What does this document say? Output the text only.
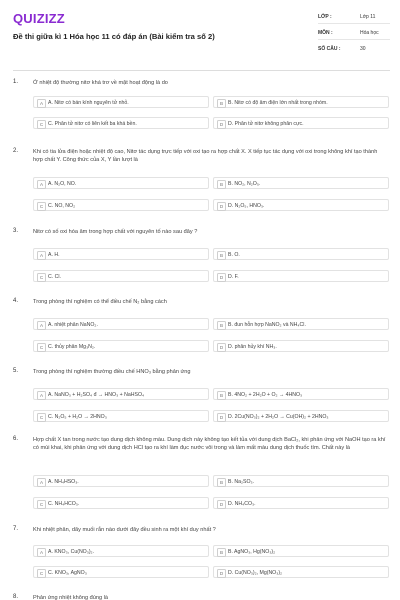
QUIZIZZ
Đề thi giữa kì 1 Hóa học 11 có đáp án (Bài kiểm tra số 2)
LỚP :	Lớp 11
MÔN :	Hóa học
SỐ CÂU :	30
1.	Ở nhiệt độ thường nitơ khá trơ về mặt hoạt động là do
A A. Nitơ có bán kính nguyên tử nhỏ.	B B. Nitơ có độ âm điện lớn nhất trong nhóm.
C C. Phân tử nitơ có liên kết ba khá bền.	D D. Phân tử nitơ không phân cực.
2.	Khi có tia lửa điện hoặc nhiệt độ cao, Nitơ tác dụng trực tiếp với oxi tạo ra hợp chất X. X tiếp tục tác dụng với oxi trong không khí tạo thành hợp chất Y. Công thức của X, Y lần lượt là
A A. N₂O, NO.	B B. NO₂, N₂O₅.
C C. NO, NO₂	D D. N₂O₅, HNO₃.
3.	Nitơ có số oxi hóa âm trong hợp chất với nguyên tố nào sau đây ?
A A. H.	B B. O.
C C. Cl.	D D. F.
4.	Trong phòng thí nghiệm có thể điều chế N₂ bằng cách
A A. nhiệt phân NaNO₂.	B B. đun hỗn hợp NaNO₂ và NH₄Cl.
C C. thủy phân Mg₃N₂.	D D. phân hủy khí NH₃.
5.	Trong phòng thí nghiệm thường điều chế HNO₃ bằng phản ứng
A A. NaNO₃ + H₂SO₄ đ → HNO₃ + NaHSO₄	B B. 4NO₂ + 2H₂O + O₂ → 4HNO₃
C C. N₂O₅ + H₂O → 2HNO₃	D D. 2Cu(NO₃)₂ + 2H₂O → Cu(OH)₂ + 2HNO₃
6.	Hợp chất X tan trong nước tạo dung dịch không màu. Dung dịch này không tạo kết tủa với dung dịch BaCl₂, khi phản ứng với NaOH tạo ra khí có mùi khai, khi phản ứng với dung dịch HCl tạo ra khí làm đục nước vôi trong và làm mất màu dung dịch thuốc tím. Chất này là
A A. NH₄HSO₃.	B B. Na₂SO₃.
C C. NH₄HCO₃.	D D. NH₄CO₃.
7.	Khi nhiệt phân, dãy muối rắn nào dưới đây đều sinh ra một khí duy nhất ?
A A. KNO₃, Cu(NO₃)₂.	B B. AgNO₃, Hg(NO₃)₂
C C. KNO₃, AgNO₃	D D. Cu(NO₃)₂, Mg(NO₃)₂
8.	Phản ứng nhiệt không đúng là
